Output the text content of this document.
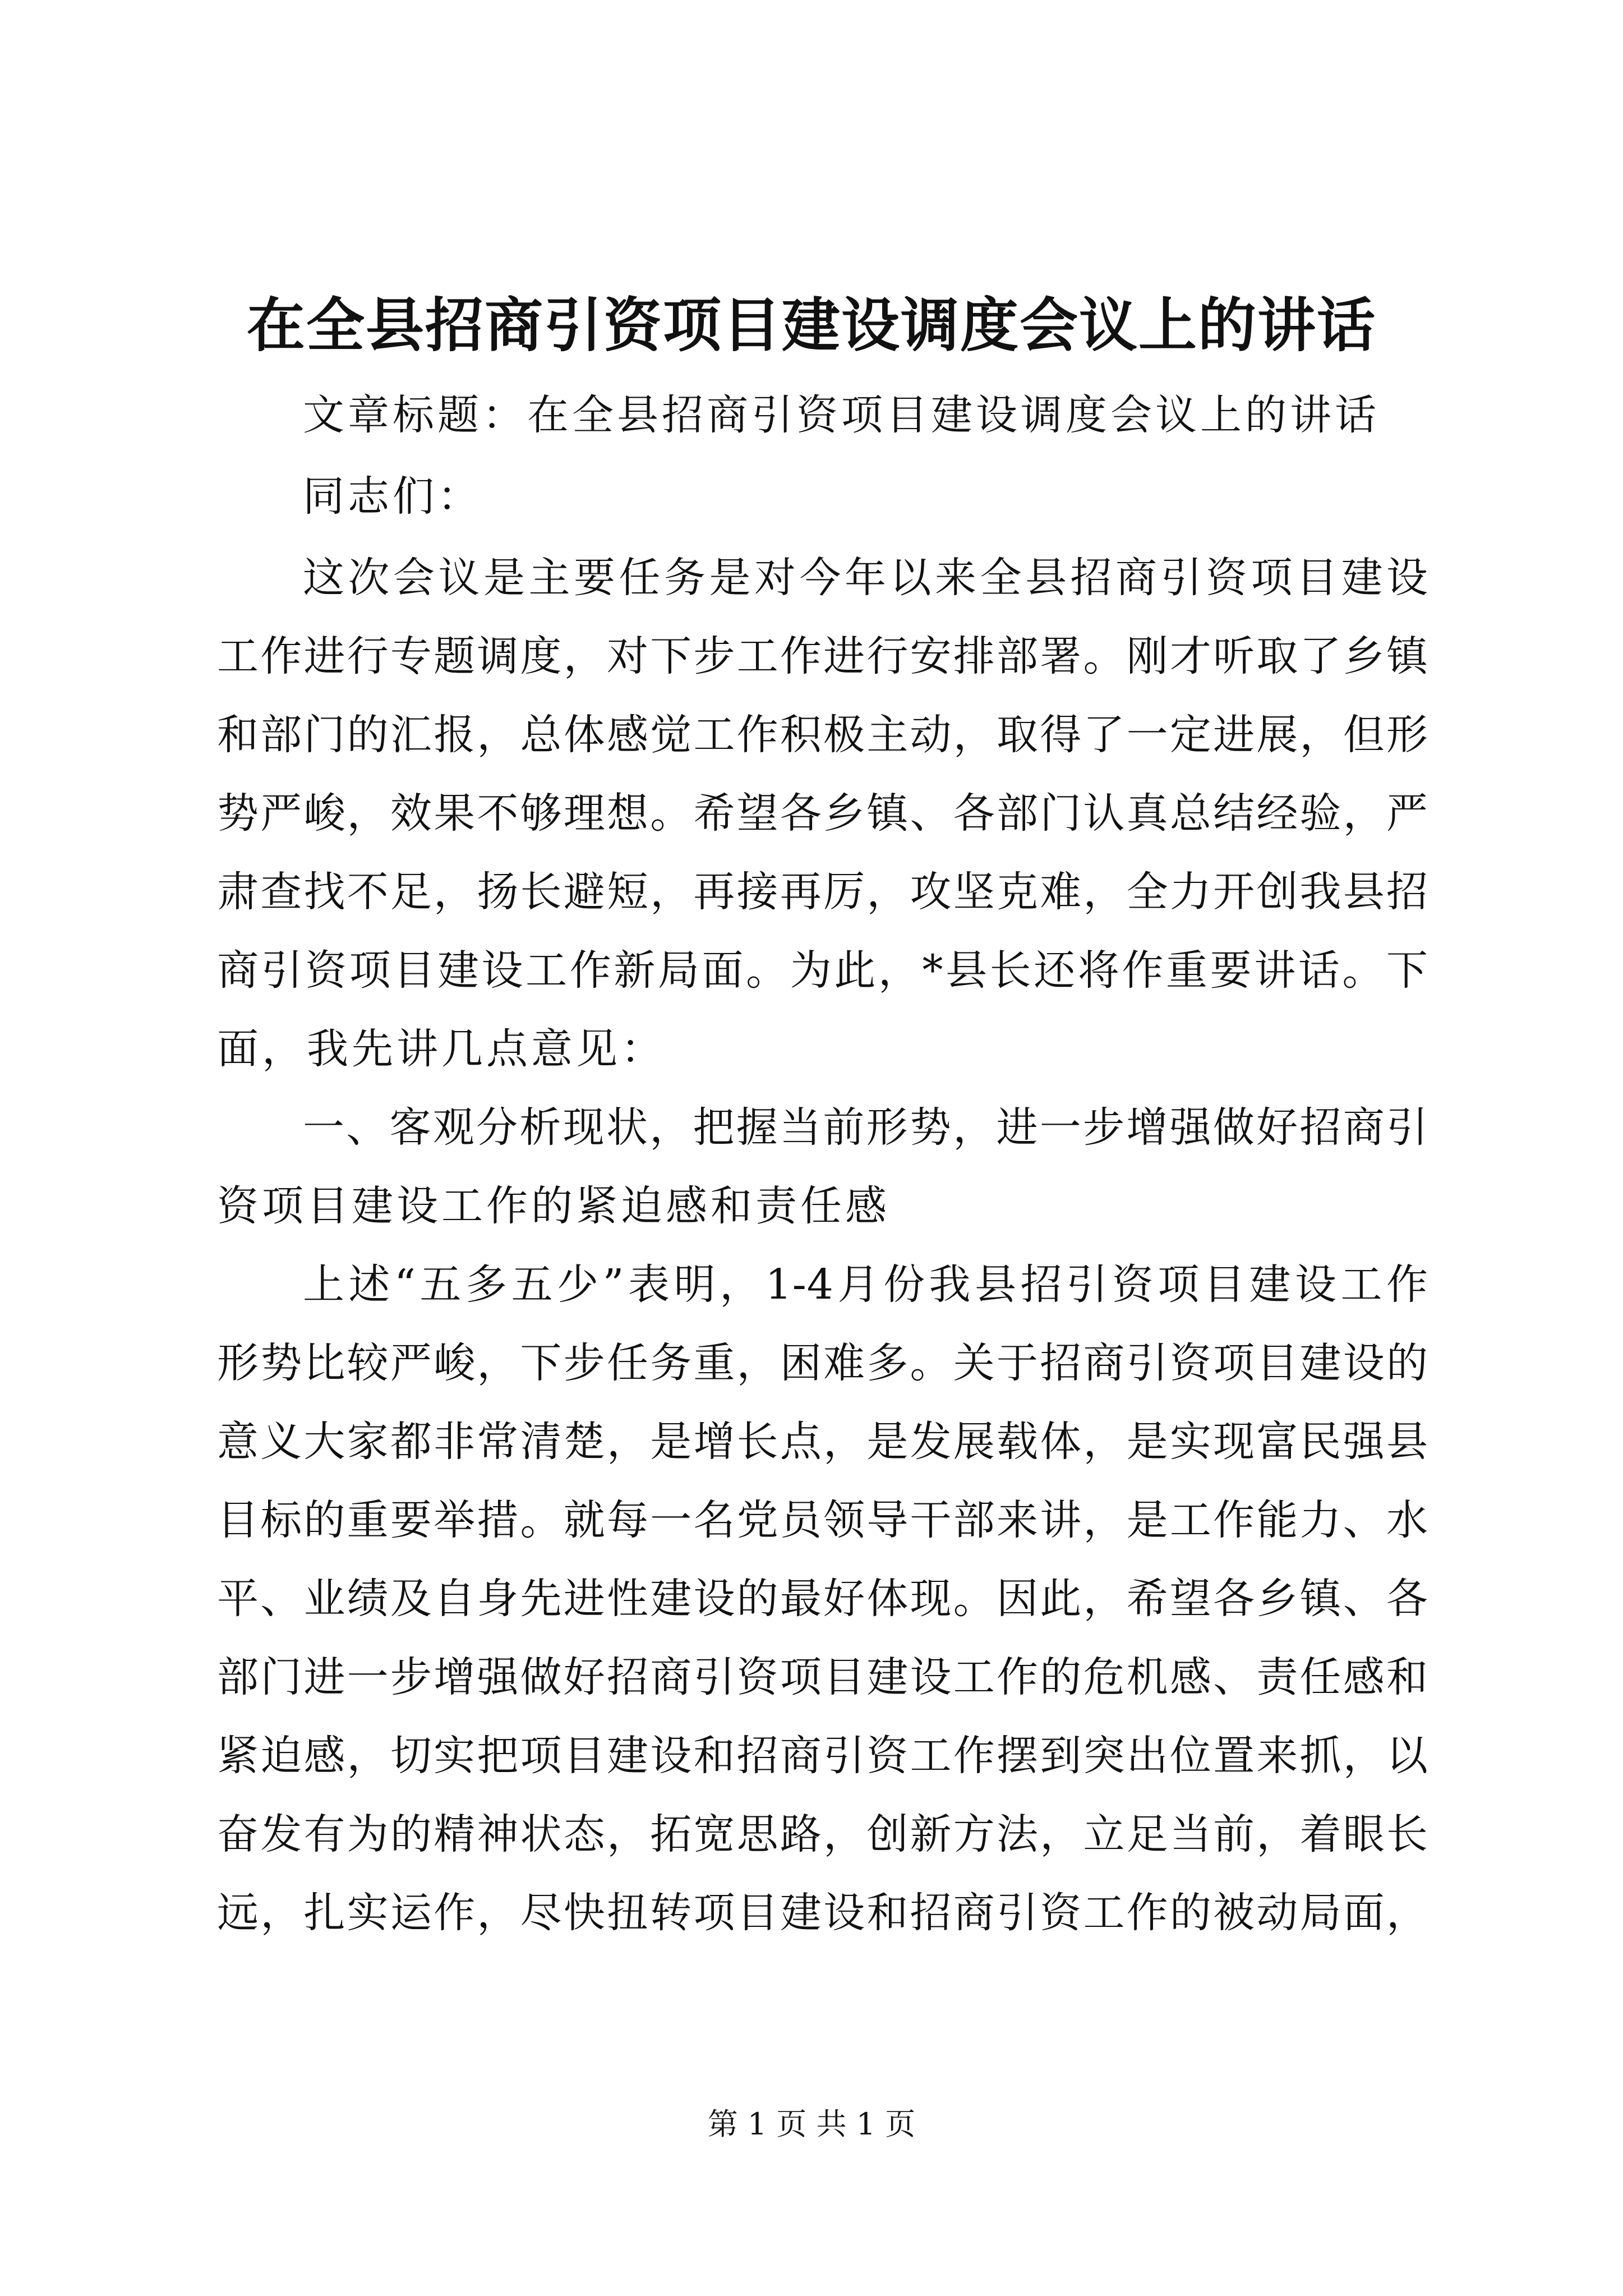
在全县招商引资项目建设调度会议上的讲话
文章标题：在全县招商引资项目建设调度会议上的讲话
同志们：
这次会议是主要任务是对今年以来全县招商引资项目建设
工作进行专题调度，对下步工作进行安排部署。刚才听取了乡镇
和部门的汇报，总体感觉工作积极主动，取得了一定进展，但形
势严峻，效果不够理想。希望各乡镇、各部门认真总结经验，严
肃查找不足，扬长避短，再接再厉，攻坚克难，全力开创我县招
商引资项目建设工作新局面。为此，*县长还将作重要讲话。下
面，我先讲几点意见：
一、客观分析现状，把握当前形势，进一步增强做好招商引
资项目建设工作的紧迫感和责任感
上述“五多五少”表明，1-4月份我县招引资项目建设工作
形势比较严峻，下步任务重，困难多。关于招商引资项目建设的
意义大家都非常清楚，是增长点，是发展载体，是实现富民强县
目标的重要举措。就每一名党员领导干部来讲，是工作能力、水
平、业绩及自身先进性建设的最好体现。因此，希望各乡镇、各
部门进一步增强做好招商引资项目建设工作的危机感、责任感和
紧迫感，切实把项目建设和招商引资工作摆到突出位置来抓，以
奋发有为的精神状态，拓宽思路，创新方法，立足当前，着眼长
远，扎实运作，尽快扭转项目建设和招商引资工作的被动局面，
第 1 页 共 1 页
